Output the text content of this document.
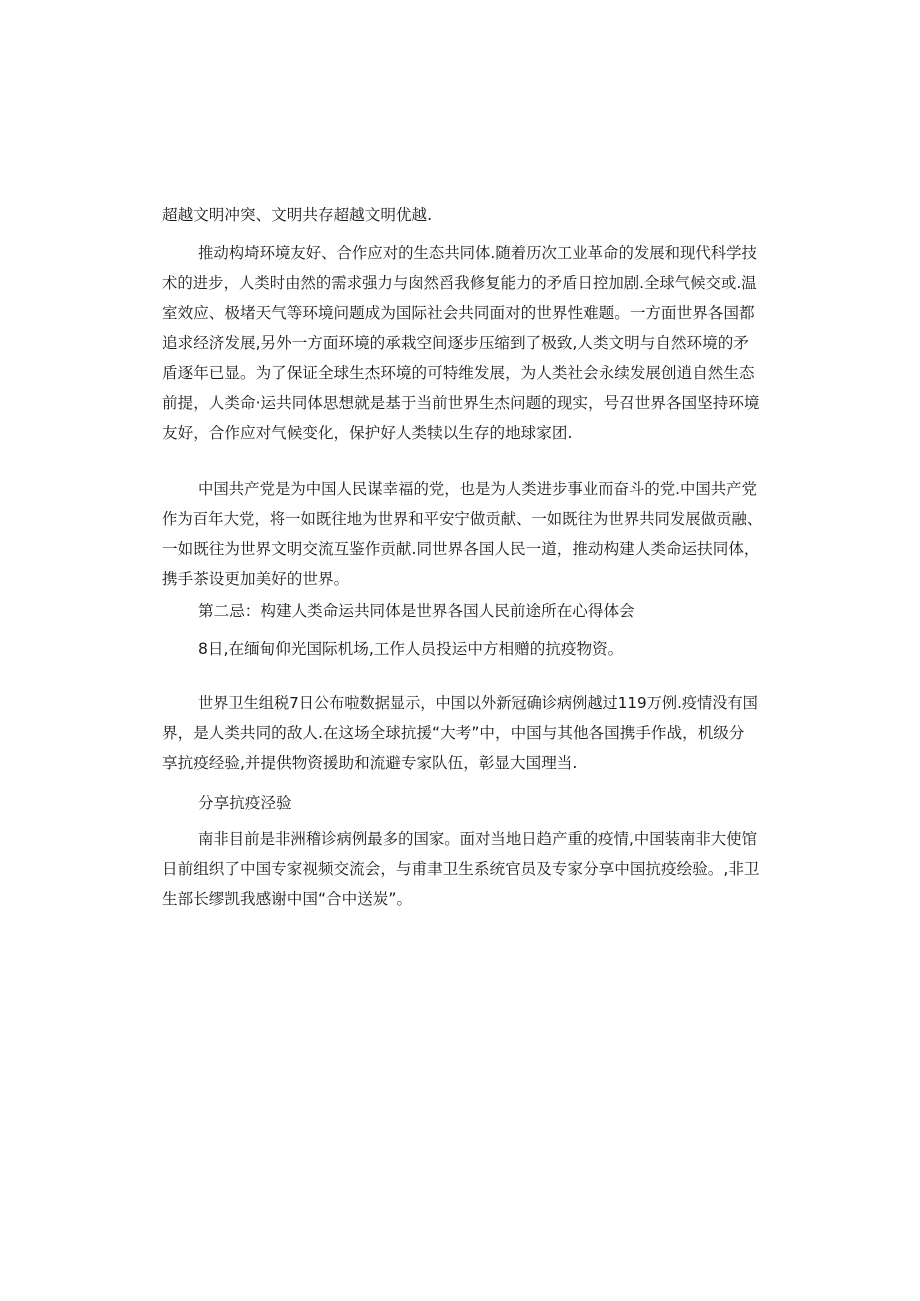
超越文明冲突、文明共存超越文明优越.
推动构埼环境友好、合作应对的生态共同体.随着历次工业革命的发展和现代科学技
术的进步，人类时由然的需求强力与囱然舀我修复能力的矛盾日控加剧.全球气候交或.温
室效应、极堵天气等环境问题成为国际社会共同面对的世界性难题。一方面世界各国都
追求经济发展,另外一方面环境的承栽空间逐步压缩到了极致,人类文明与自然环境的矛
盾逐年已显。为了保证全球生杰环境的可特维发展，为人类社会永续发展创逍自然生态
前提，人类命·运共同体思想就是基于当前世界生杰问题的现实，号召世界各国坚持环境
友好，合作应对气候变化，保护好人类犊以生存的地球家团.
中国共产党是为中国人民谋幸福的党，也是为人类进步事业而奋斗的党.中国共产党
作为百年大党，将一如既往地为世界和平安宁做贡献、一如既往为世界共同发展做贡融、
一如既往为世界文明交流互鉴作贡献.同世界各国人民一道，推动构建人类命运扶同体，
携手茶设更加美好的世界。
第二忌：构建人类命运共同体是世界各国人民前途所在心得体会
8日,在缅甸仰光国际机场,工作人员投运中方相赠的抗疫物资。
世界卫生组税7日公布啦数据显示，中国以外新冠确诊病例越过119万例.疫情没有国
界，是人类共同的敌人.在这场全球抗援“大考”中，中国与其他各国携手作战，机级分
享抗疫经验,并提供物资援助和流避专家队伍，彰显大国理当.
分享抗疫泾验
南非目前是非洲稽诊病例最多的国家。面对当地日趋产重的疫情,中国装南非大使馆
日前组织了中国专家视频交流会，与甫聿卫生系统官员及专家分享中国抗疫绘验。,非卫
生部长缪凯我感谢中国“合中送炭”。
